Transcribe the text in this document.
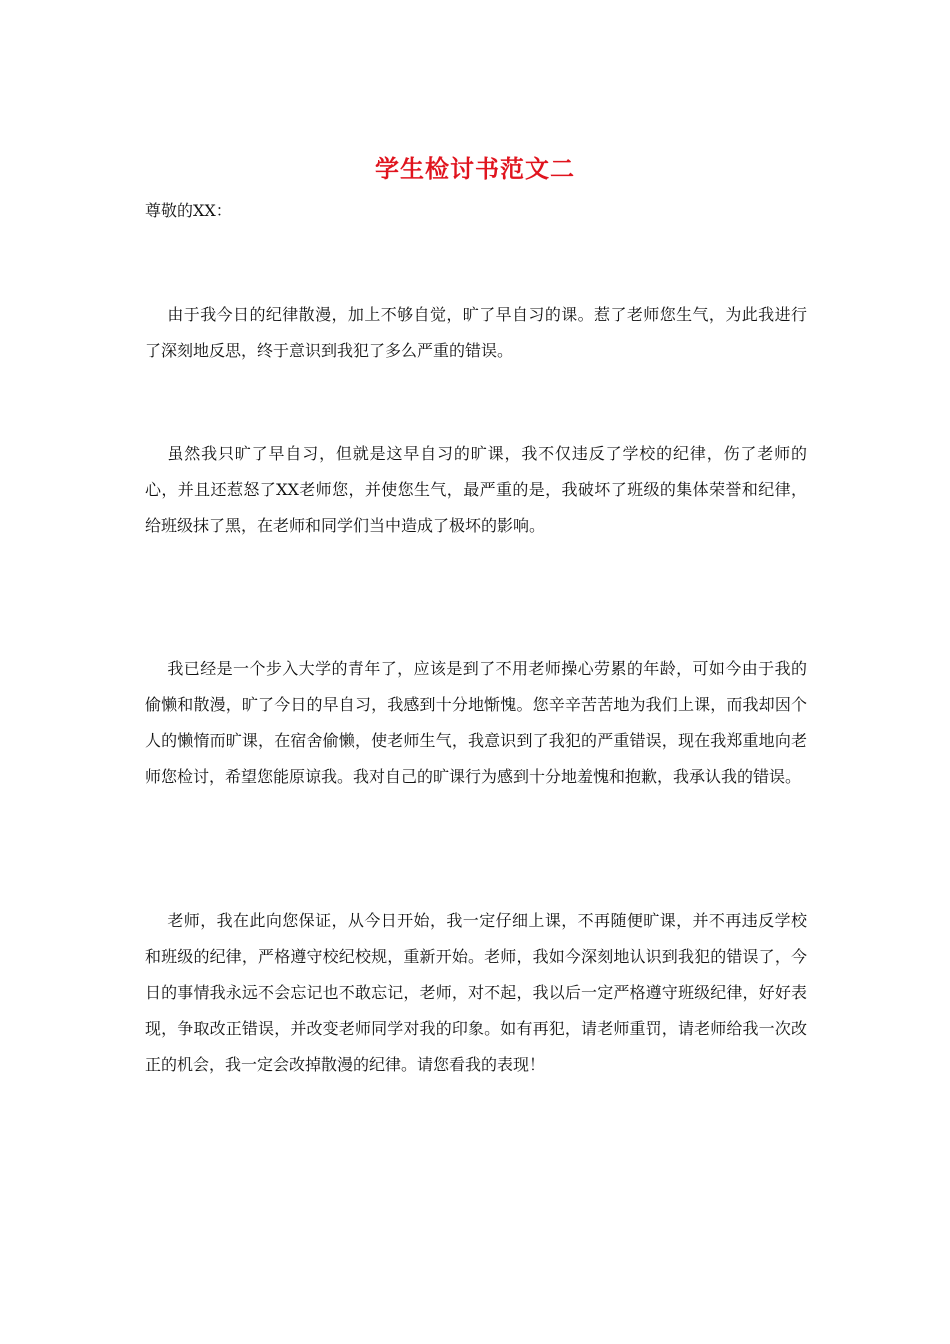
学生检讨书范文二

尊敬的XX：

由于我今日的纪律散漫，加上不够自觉，旷了早自习的课。惹了老师您生气，为此我进行了深刻地反思，终于意识到我犯了多么严重的错误。

虽然我只旷了早自习，但就是这早自习的旷课，我不仅违反了学校的纪律，伤了老师的心，并且还惹怒了XX老师您，并使您生气，最严重的是，我破坏了班级的集体荣誉和纪律，给班级抹了黑，在老师和同学们当中造成了极坏的影响。

我已经是一个步入大学的青年了，应该是到了不用老师操心劳累的年龄，可如今由于我的偷懒和散漫，旷了今日的早自习，我感到十分地惭愧。您辛辛苦苦地为我们上课，而我却因个人的懒惰而旷课，在宿舍偷懒，使老师生气，我意识到了我犯的严重错误，现在我郑重地向老师您检讨，希望您能原谅我。我对自己的旷课行为感到十分地羞愧和抱歉，我承认我的错误。

老师，我在此向您保证，从今日开始，我一定仔细上课，不再随便旷课，并不再违反学校和班级的纪律，严格遵守校纪校规，重新开始。老师，我如今深刻地认识到我犯的错误了，今日的事情我永远不会忘记也不敢忘记，老师，对不起，我以后一定严格遵守班级纪律，好好表现，争取改正错误，并改变老师同学对我的印象。如有再犯，请老师重罚，请老师给我一次改正的机会，我一定会改掉散漫的纪律。请您看我的表现！
